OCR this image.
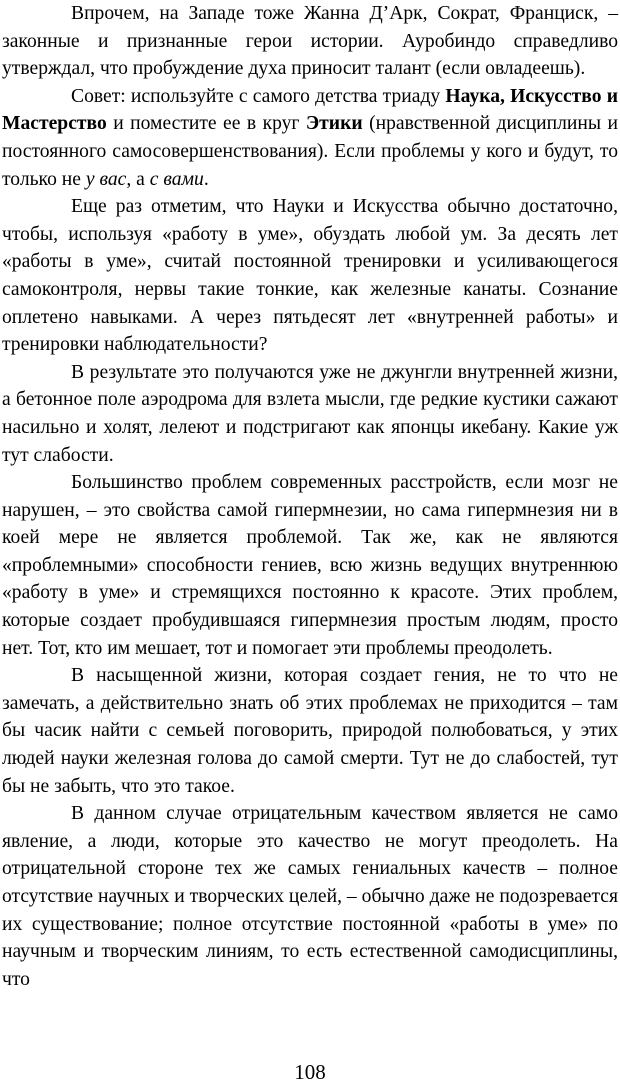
Впрочем, на Западе тоже Жанна Д’Арк, Сократ, Франциск, – законные и признанные герои истории. Ауробиндо справедливо утверждал, что пробуждение духа приносит талант (если овладеешь).

Совет: используйте с самого детства триаду Наука, Искусство и Мастерство и поместите ее в круг Этики (нравственной дисциплины и постоянного самосовершенствования). Если проблемы у кого и будут, то только не у вас, а с вами.

Еще раз отметим, что Науки и Искусства обычно достаточно, чтобы, используя «работу в уме», обуздать любой ум. За десять лет «работы в уме», считай постоянной тренировки и усиливающегося самоконтроля, нервы такие тонкие, как железные канаты. Сознание оплетено навыками. А через пятьдесят лет «внутренней работы» и тренировки наблюдательности?

В результате это получаются уже не джунгли внутренней жизни, а бетонное поле аэродрома для взлета мысли, где редкие кустики сажают насильно и холят, лелеют и подстригают как японцы икебану. Какие уж тут слабости.

Большинство проблем современных расстройств, если мозг не нарушен, – это свойства самой гипермнезии, но сама гипермнезия ни в коей мере не является проблемой. Так же, как не являются «проблемными» способности гениев, всю жизнь ведущих внутреннюю «работу в уме» и стремящихся постоянно к красоте. Этих проблем, которые создает пробудившаяся гипермнезия простым людям, просто нет. Тот, кто им мешает, тот и помогает эти проблемы преодолеть.

В насыщенной жизни, которая создает гения, не то что не замечать, а действительно знать об этих проблемах не приходится – там бы часик найти с семьей поговорить, природой полюбоваться, у этих людей науки железная голова до самой смерти. Тут не до слабостей, тут бы не забыть, что это такое.

В данном случае отрицательным качеством является не само явление, а люди, которые это качество не могут преодолеть. На отрицательной стороне тех же самых гениальных качеств – полное отсутствие научных и творческих целей, – обычно даже не подозревается их существование; полное отсутствие постоянной «работы в уме» по научным и творческим линиям, то есть естественной самодисциплины, что

108
